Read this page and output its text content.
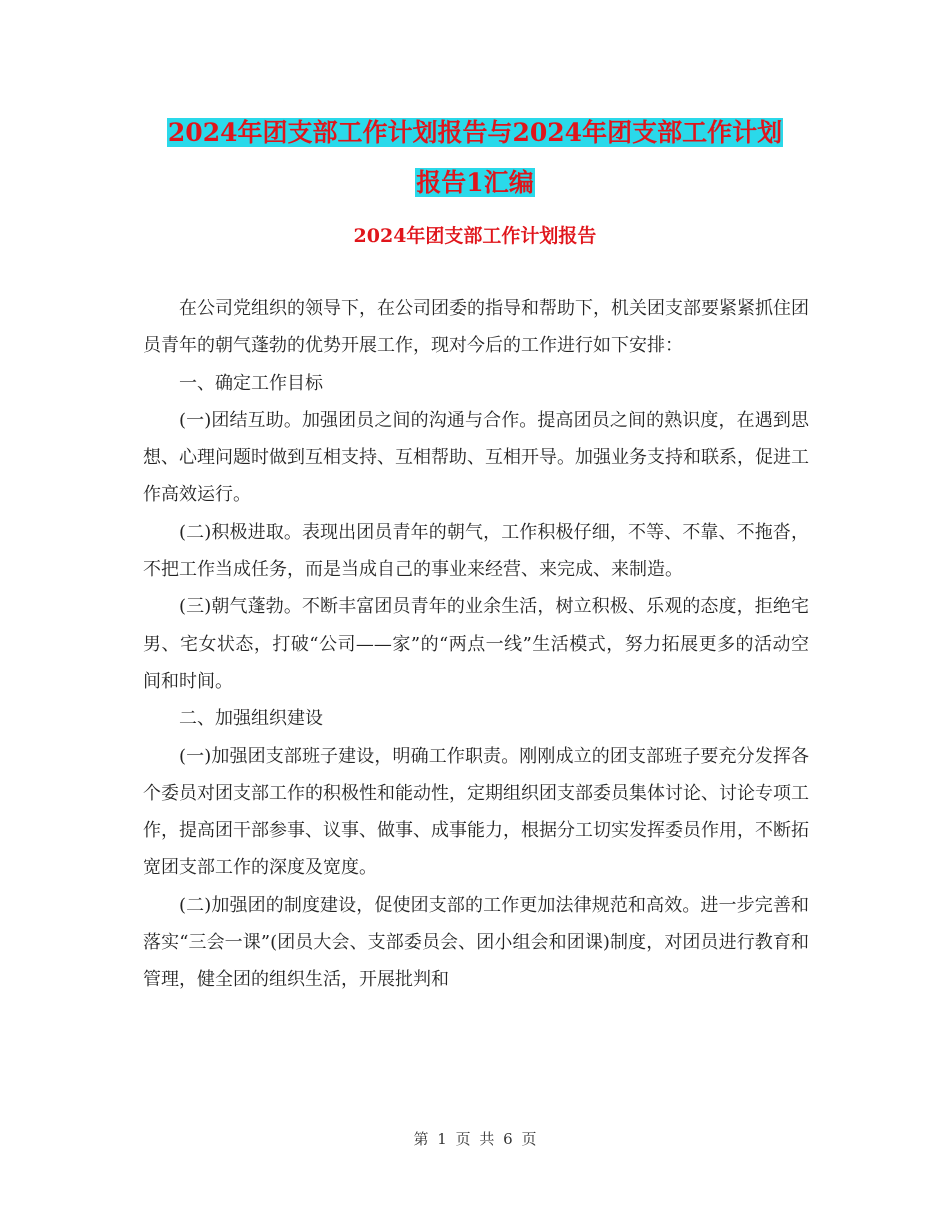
2024年团支部工作计划报告与2024年团支部工作计划
报告1汇编
2024年团支部工作计划报告

在公司党组织的领导下，在公司团委的指导和帮助下，机关团支部要紧紧抓住团员青年的朝气蓬勃的优势开展工作，现对今后的工作进行如下安排：

一、确定工作目标

(一)团结互助。加强团员之间的沟通与合作。提高团员之间的熟识度，在遇到思想、心理问题时做到互相支持、互相帮助、互相开导。加强业务支持和联系，促进工作高效运行。

(二)积极进取。表现出团员青年的朝气，工作积极仔细，不等、不靠、不拖沓，不把工作当成任务，而是当成自己的事业来经营、来完成、来制造。

(三)朝气蓬勃。不断丰富团员青年的业余生活，树立积极、乐观的态度，拒绝宅男、宅女状态，打破“公司——家”的“两点一线”生活模式，努力拓展更多的活动空间和时间。

二、加强组织建设

(一)加强团支部班子建设，明确工作职责。刚刚成立的团支部班子要充分发挥各个委员对团支部工作的积极性和能动性，定期组织团支部委员集体讨论、讨论专项工作，提高团干部参事、议事、做事、成事能力，根据分工切实发挥委员作用，不断拓宽团支部工作的深度及宽度。

(二)加强团的制度建设，促使团支部的工作更加法律规范和高效。进一步完善和落实“三会一课”(团员大会、支部委员会、团小组会和团课)制度，对团员进行教育和管理，健全团的组织生活，开展批判和

第 1 页 共 6 页
